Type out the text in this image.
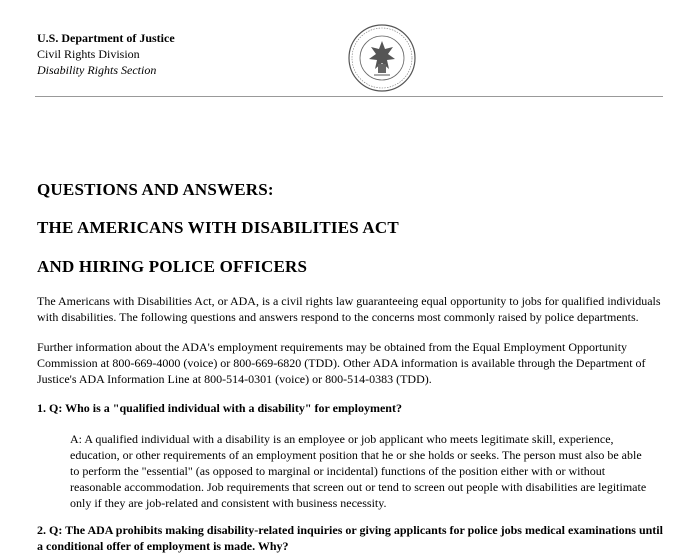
U.S. Department of Justice
Civil Rights Division
Disability Rights Section
QUESTIONS AND ANSWERS:
THE AMERICANS WITH DISABILITIES ACT
AND HIRING POLICE OFFICERS
The Americans with Disabilities Act, or ADA, is a civil rights law guaranteeing equal opportunity to jobs for qualified individuals with disabilities. The following questions and answers respond to the concerns most commonly raised by police departments.
Further information about the ADA's employment requirements may be obtained from the Equal Employment Opportunity Commission at 800-669-4000 (voice) or 800-669-6820 (TDD). Other ADA information is available through the Department of Justice's ADA Information Line at 800-514-0301 (voice) or 800-514-0383 (TDD).
1. Q: Who is a "qualified individual with a disability" for employment?
A: A qualified individual with a disability is an employee or job applicant who meets legitimate skill, experience, education, or other requirements of an employment position that he or she holds or seeks. The person must also be able to perform the "essential" (as opposed to marginal or incidental) functions of the position either with or without reasonable accommodation. Job requirements that screen out or tend to screen out people with disabilities are legitimate only if they are job-related and consistent with business necessity.
2. Q: The ADA prohibits making disability-related inquiries or giving applicants for police jobs medical examinations until a conditional offer of employment is made. Why?
